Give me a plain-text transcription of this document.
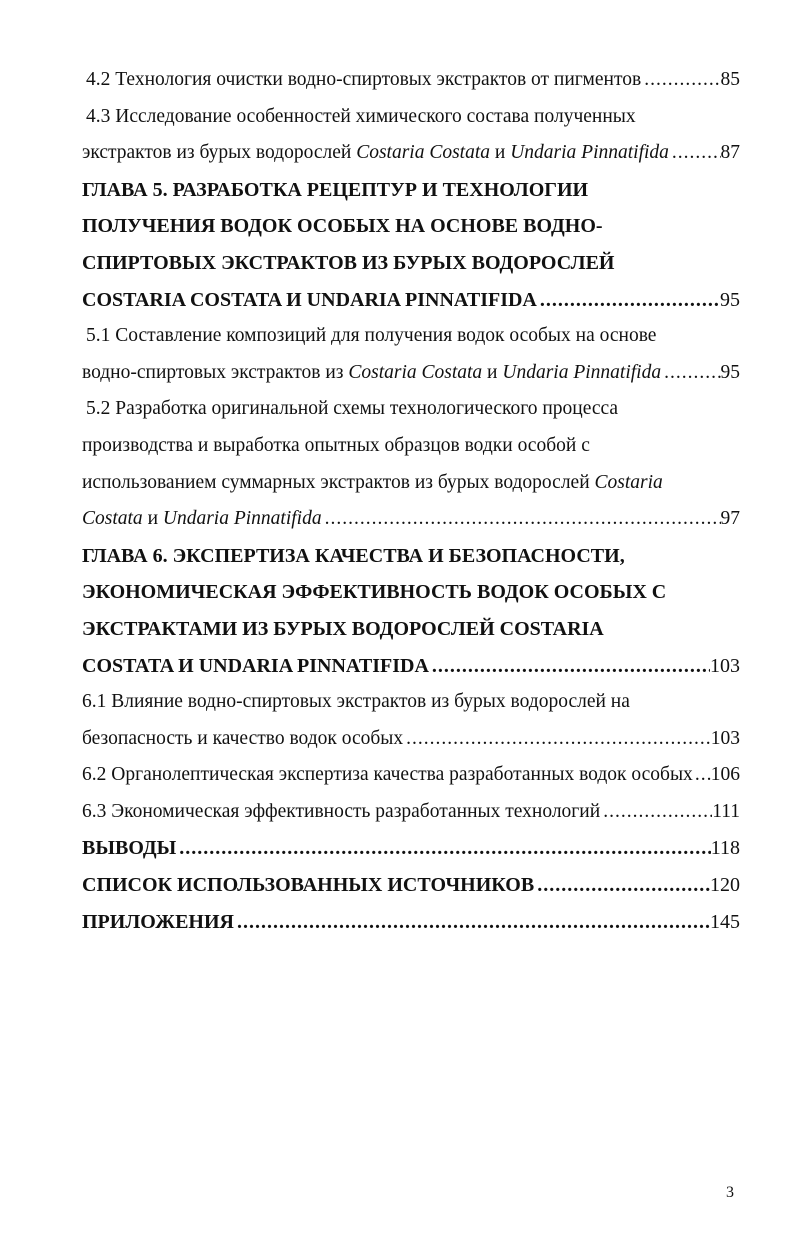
4.2 Технология очистки водно-спиртовых экстрактов от пигментов .....	85
4.3 Исследование особенностей химического состава полученных
экстрактов из бурых водорослей Costaria Costata и Undaria Pinnatifida .....	87
ГЛАВА 5. РАЗРАБОТКА РЕЦЕПТУР И ТЕХНОЛОГИИ
ПОЛУЧЕНИЯ ВОДОК ОСОБЫХ НА ОСНОВЕ ВОДНО-
СПИРТОВЫХ ЭКСТРАКТОВ ИЗ БУРЫХ ВОДОРОСЛЕЙ
COSTARIA COSTATA И UNDARIA PINNATIFIDA .....	95
5.1 Составление композиций для получения водок особых на основе
водно-спиртовых экстрактов из Costaria Costata и Undaria Pinnatifida .....	95
5.2 Разработка оригинальной схемы технологического процесса
производства и выработка опытных образцов водки особой с
использованием суммарных экстрактов из бурых водорослей Costaria
Costata и Undaria Pinnatifida .....	97
ГЛАВА 6. ЭКСПЕРТИЗА КАЧЕСТВА И БЕЗОПАСНОСТИ,
ЭКОНОМИЧЕСКАЯ ЭФФЕКТИВНОСТЬ ВОДОК ОСОБЫХ С
ЭКСТРАКТАМИ ИЗ БУРЫХ ВОДОРОСЛЕЙ COSTARIA
COSTATA И UNDARIA PINNATIFIDA .....	103
6.1 Влияние водно-спиртовых экстрактов из бурых водорослей на
безопасность и качество водок особых .....	103
6.2 Органолептическая экспертиза качества разработанных водок особых ..... 106
6.3 Экономическая эффективность разработанных технологий .....	111
ВЫВОДЫ .....	118
СПИСОК ИСПОЛЬЗОВАННЫХ ИСТОЧНИКОВ .....	120
ПРИЛОЖЕНИЯ .....	145
3
